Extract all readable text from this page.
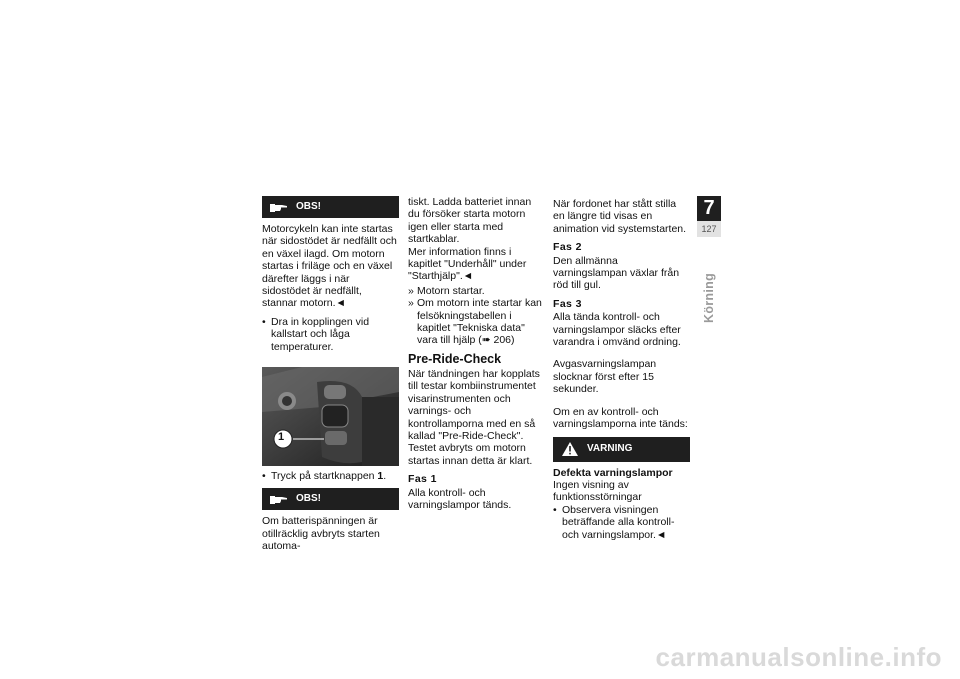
OBS!

Motorcykeln kan inte startas när sidostödet är nedfällt och en växel ilagd. Om motorn startas i friläge och en växel därefter läggs i när sidostödet är nedfällt, stannar motorn.◄

• Dra in kopplingen vid kallstart och låga temperaturer.
1
• Tryck på startknappen 1.
OBS!

Om batterispänningen är otillräcklig avbryts starten automa-

tiskt. Ladda batteriet innan du försöker starta motorn igen eller starta med startkablar.

Mer information finns i kapitlet "Underhåll" under "Starthjälp".◄

» Motorn startar.
» Om motorn inte startar kan felsökningstabellen i kapitlet "Tekniska data" vara till hjälp (➠ 206)
Pre-Ride-Check

När tändningen har kopplats till testar kombiinstrumentet visarinstrumenten och varnings- och kontrollamporna med en så kallad "Pre-Ride-Check". Testet avbryts om motorn startas innan detta är klart.

Fas 1

Alla kontroll- och varningslampor tänds.

När fordonet har stått stilla en längre tid visas en animation vid systemstarten.

Fas 2

Den allmänna varningslampan växlar från röd till gul.

Fas 3

Alla tända kontroll- och varningslampor släcks efter varandra i omvänd ordning.

Avgasvarningslampan slocknar först efter 15 sekunder.

Om en av kontroll- och varningslamporna inte tänds:

VARNING

Defekta varningslampor

Ingen visning av funktionsstörningar

• Observera visningen beträffande alla kontroll- och varningslampor.◄
7
127
Körning
carmanualsonline.info
